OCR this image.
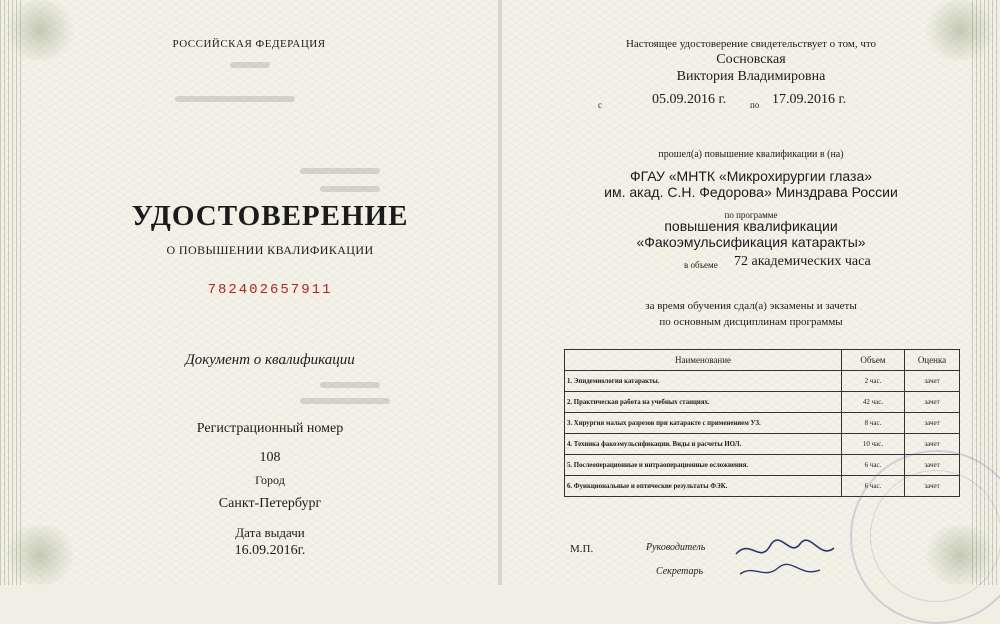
РОССИЙСКАЯ ФЕДЕРАЦИЯ
УДОСТОВЕРЕНИЕ
О ПОВЫШЕНИИ КВАЛИФИКАЦИИ
782402657911
Документ о квалификации
Регистрационный номер
108
Город
Санкт-Петербург
Дата выдачи
16.09.2016г.
Настоящее удостоверение свидетельствует о том, что
Сосновская
Виктория Владимировна
с	05.09.2016 г.	по 17.09.2016 г.
прошел(а) повышение квалификации в (на)
ФГАУ «МНТК «Микрохирургии глаза»
им. акад. С.Н. Федорова» Минздрава России
по программе
повышения квалификации
«Факоэмульсификация катаракты»
в объеме 72 академических часа
за время обучения сдал(а) экзамены и зачеты
по основным дисциплинам программы
Наименование	Объем	Оценка
1. Эпидемиология катаракты.	2 час.	зачет
2. Практическая работа на учебных станциях.	42 час.	зачет
3. Хирургия малых разрезов при катаракте с применением УЗ.	8 час.	зачет
4. Техника факоэмульсификации. Виды и расчеты ИОЛ.	10 час.	зачет
5. Послеоперационные и интраоперационные осложнения.	6 час.	зачет
6. Функциональные и оптические результаты ФЭК.	6 час.	зачет
М.П.	Руководитель
Секретарь
